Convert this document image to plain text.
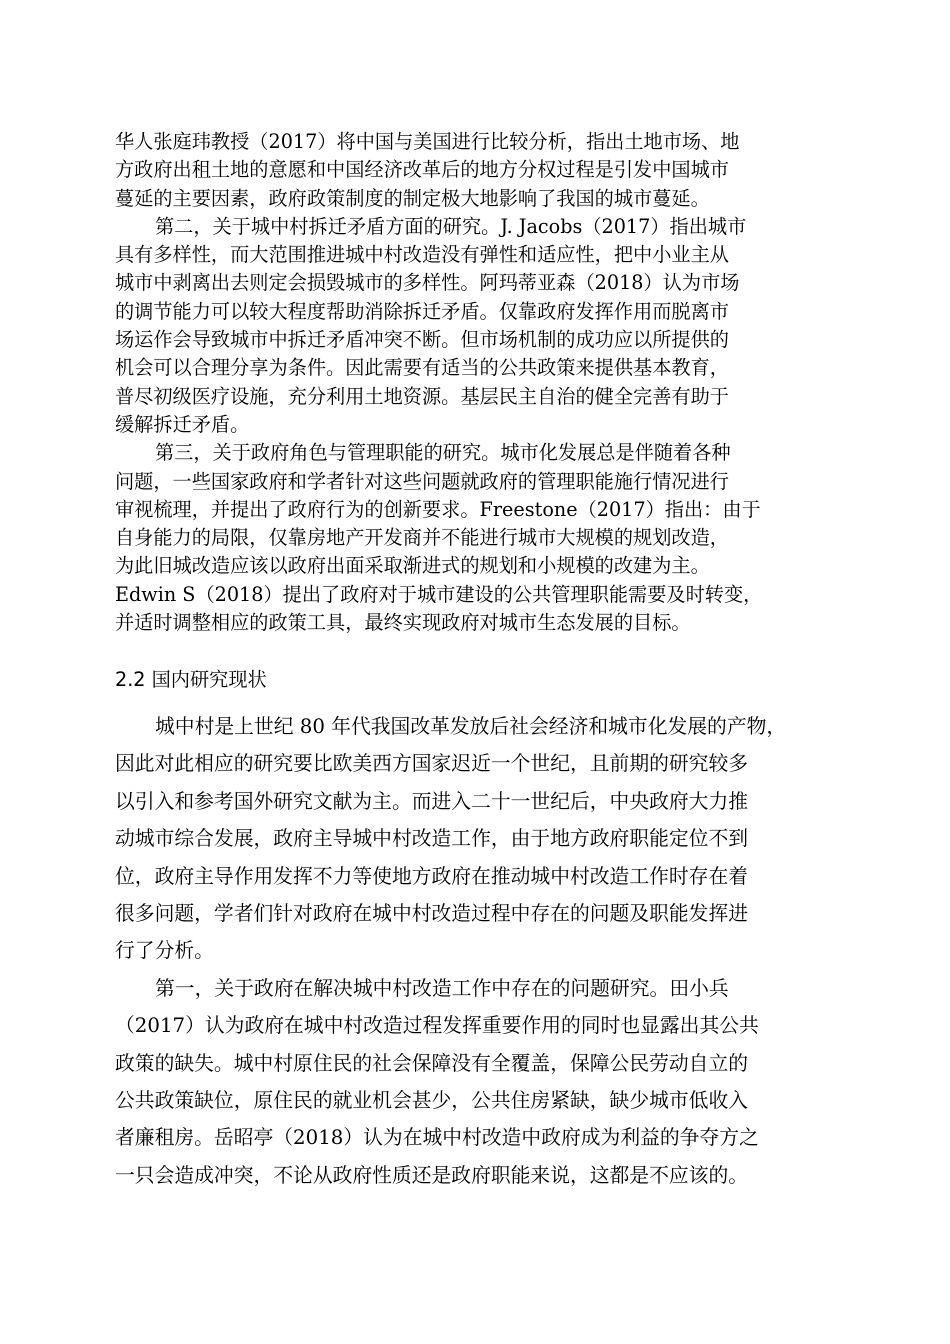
华人张庭玮教授（2017）将中国与美国进行比较分析，指出土地市场、地
方政府出租土地的意愿和中国经济改革后的地方分权过程是引发中国城市
蔓延的主要因素，政府政策制度的制定极大地影响了我国的城市蔓延。
第二，关于城中村拆迁矛盾方面的研究。J. Jacobs（2017）指出城市
具有多样性，而大范围推进城中村改造没有弹性和适应性，把中小业主从
城市中剥离出去则定会损毁城市的多样性。阿玛蒂亚森（2018）认为市场
的调节能力可以较大程度帮助消除拆迁矛盾。仅靠政府发挥作用而脱离市
场运作会导致城市中拆迁矛盾冲突不断。但市场机制的成功应以所提供的
机会可以合理分享为条件。因此需要有适当的公共政策来提供基本教育，
普尽初级医疗设施，充分利用土地资源。基层民主自治的健全完善有助于
缓解拆迁矛盾。
第三，关于政府角色与管理职能的研究。城市化发展总是伴随着各种
问题，一些国家政府和学者针对这些问题就政府的管理职能施行情况进行
审视梳理，并提出了政府行为的创新要求。Freestone（2017）指出：由于
自身能力的局限，仅靠房地产开发商并不能进行城市大规模的规划改造，
为此旧城改造应该以政府出面采取渐进式的规划和小规模的改建为主。
Edwin S（2018）提出了政府对于城市建设的公共管理职能需要及时转变，
并适时调整相应的政策工具，最终实现政府对城市生态发展的目标。
2.2 国内研究现状
城中村是上世纪 80 年代我国改革发放后社会经济和城市化发展的产物，
因此对此相应的研究要比欧美西方国家迟近一个世纪，且前期的研究较多
以引入和参考国外研究文献为主。而进入二十一世纪后，中央政府大力推
动城市综合发展，政府主导城中村改造工作，由于地方政府职能定位不到
位，政府主导作用发挥不力等使地方政府在推动城中村改造工作时存在着
很多问题，学者们针对政府在城中村改造过程中存在的问题及职能发挥进
行了分析。
第一，关于政府在解决城中村改造工作中存在的问题研究。田小兵
（2017）认为政府在城中村改造过程发挥重要作用的同时也显露出其公共
政策的缺失。城中村原住民的社会保障没有全覆盖，保障公民劳动自立的
公共政策缺位，原住民的就业机会甚少，公共住房紧缺，缺少城市低收入
者廉租房。岳昭亭（2018）认为在城中村改造中政府成为利益的争夺方之
一只会造成冲突，不论从政府性质还是政府职能来说，这都是不应该的。
